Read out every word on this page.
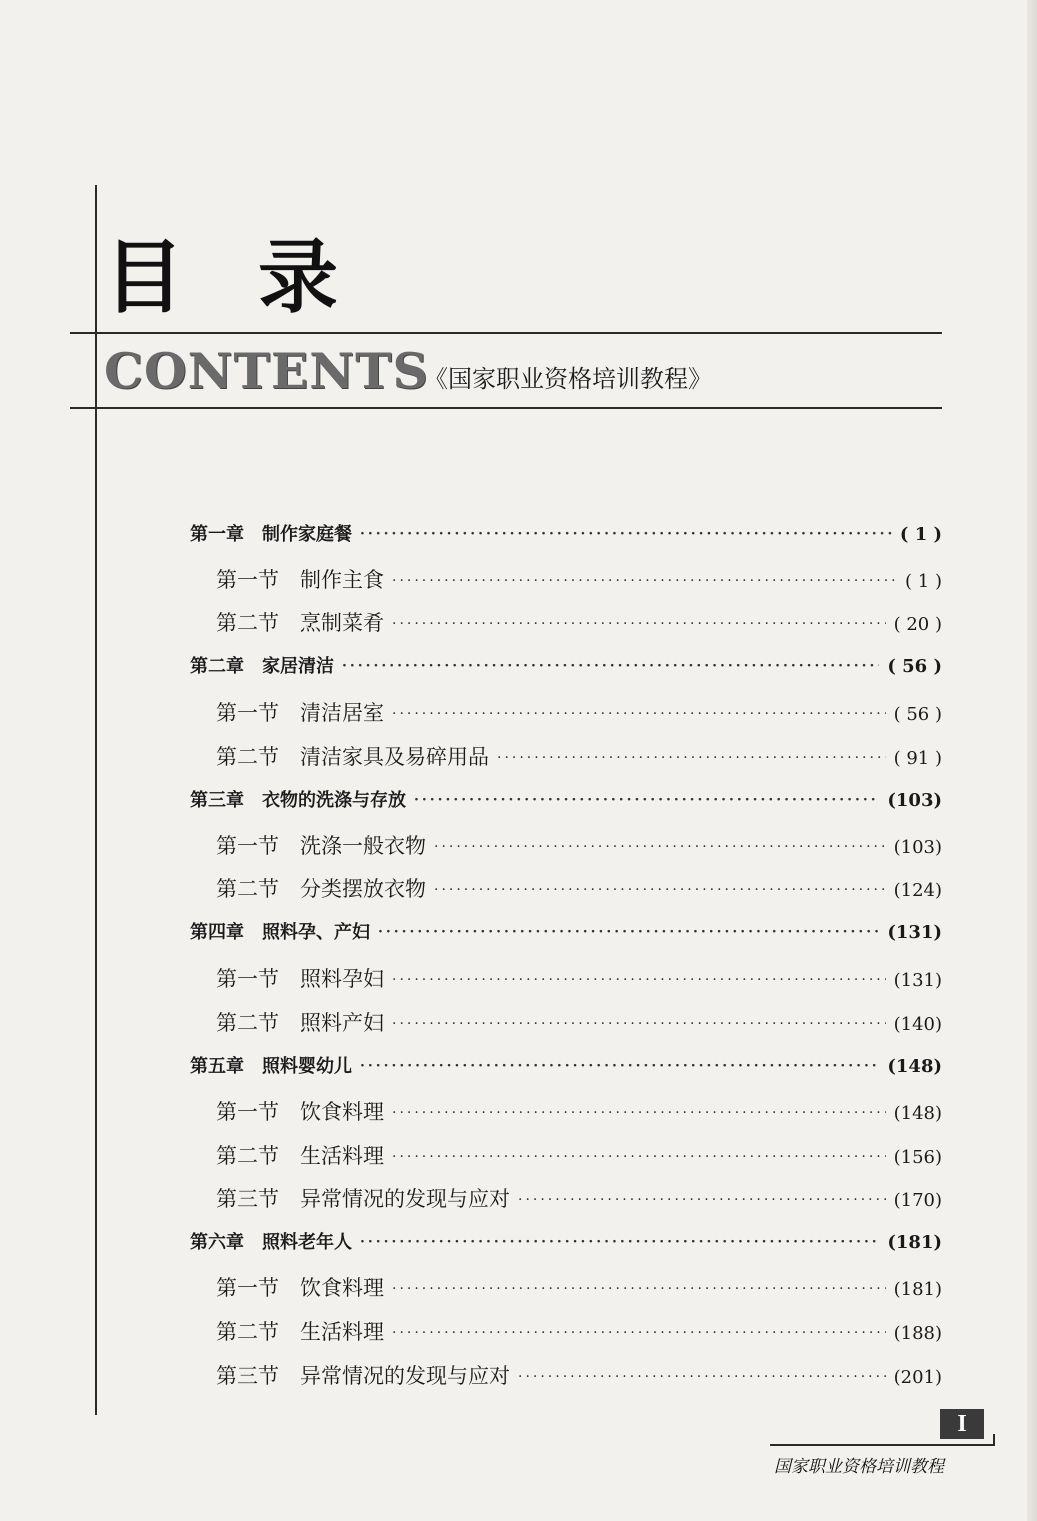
目 录
CONTENTS
《国家职业资格培训教程》
第一章　制作家庭餐 ·····	( 1 )
第一节　制作主食 ·····	( 1 )
第二节　烹制菜肴 ·····	( 20 )
第二章　家居清洁 ·····	( 56 )
第一节　清洁居室 ·····	( 56 )
第二节　清洁家具及易碎用品 ·····	( 91 )
第三章　衣物的洗涤与存放 ·····	(103)
第一节　洗涤一般衣物 ·····	(103)
第二节　分类摆放衣物 ·····	(124)
第四章　照料孕、产妇 ·····	(131)
第一节　照料孕妇 ·····	(131)
第二节　照料产妇 ·····	(140)
第五章　照料婴幼儿 ·····	(148)
第一节　饮食料理 ·····	(148)
第二节　生活料理 ·····	(156)
第三节　异常情况的发现与应对 ·····	(170)
第六章　照料老年人 ·····	(181)
第一节　饮食料理 ·····	(181)
第二节　生活料理 ·····	(188)
第三节　异常情况的发现与应对 ·····	(201)
I
国家职业资格培训教程
